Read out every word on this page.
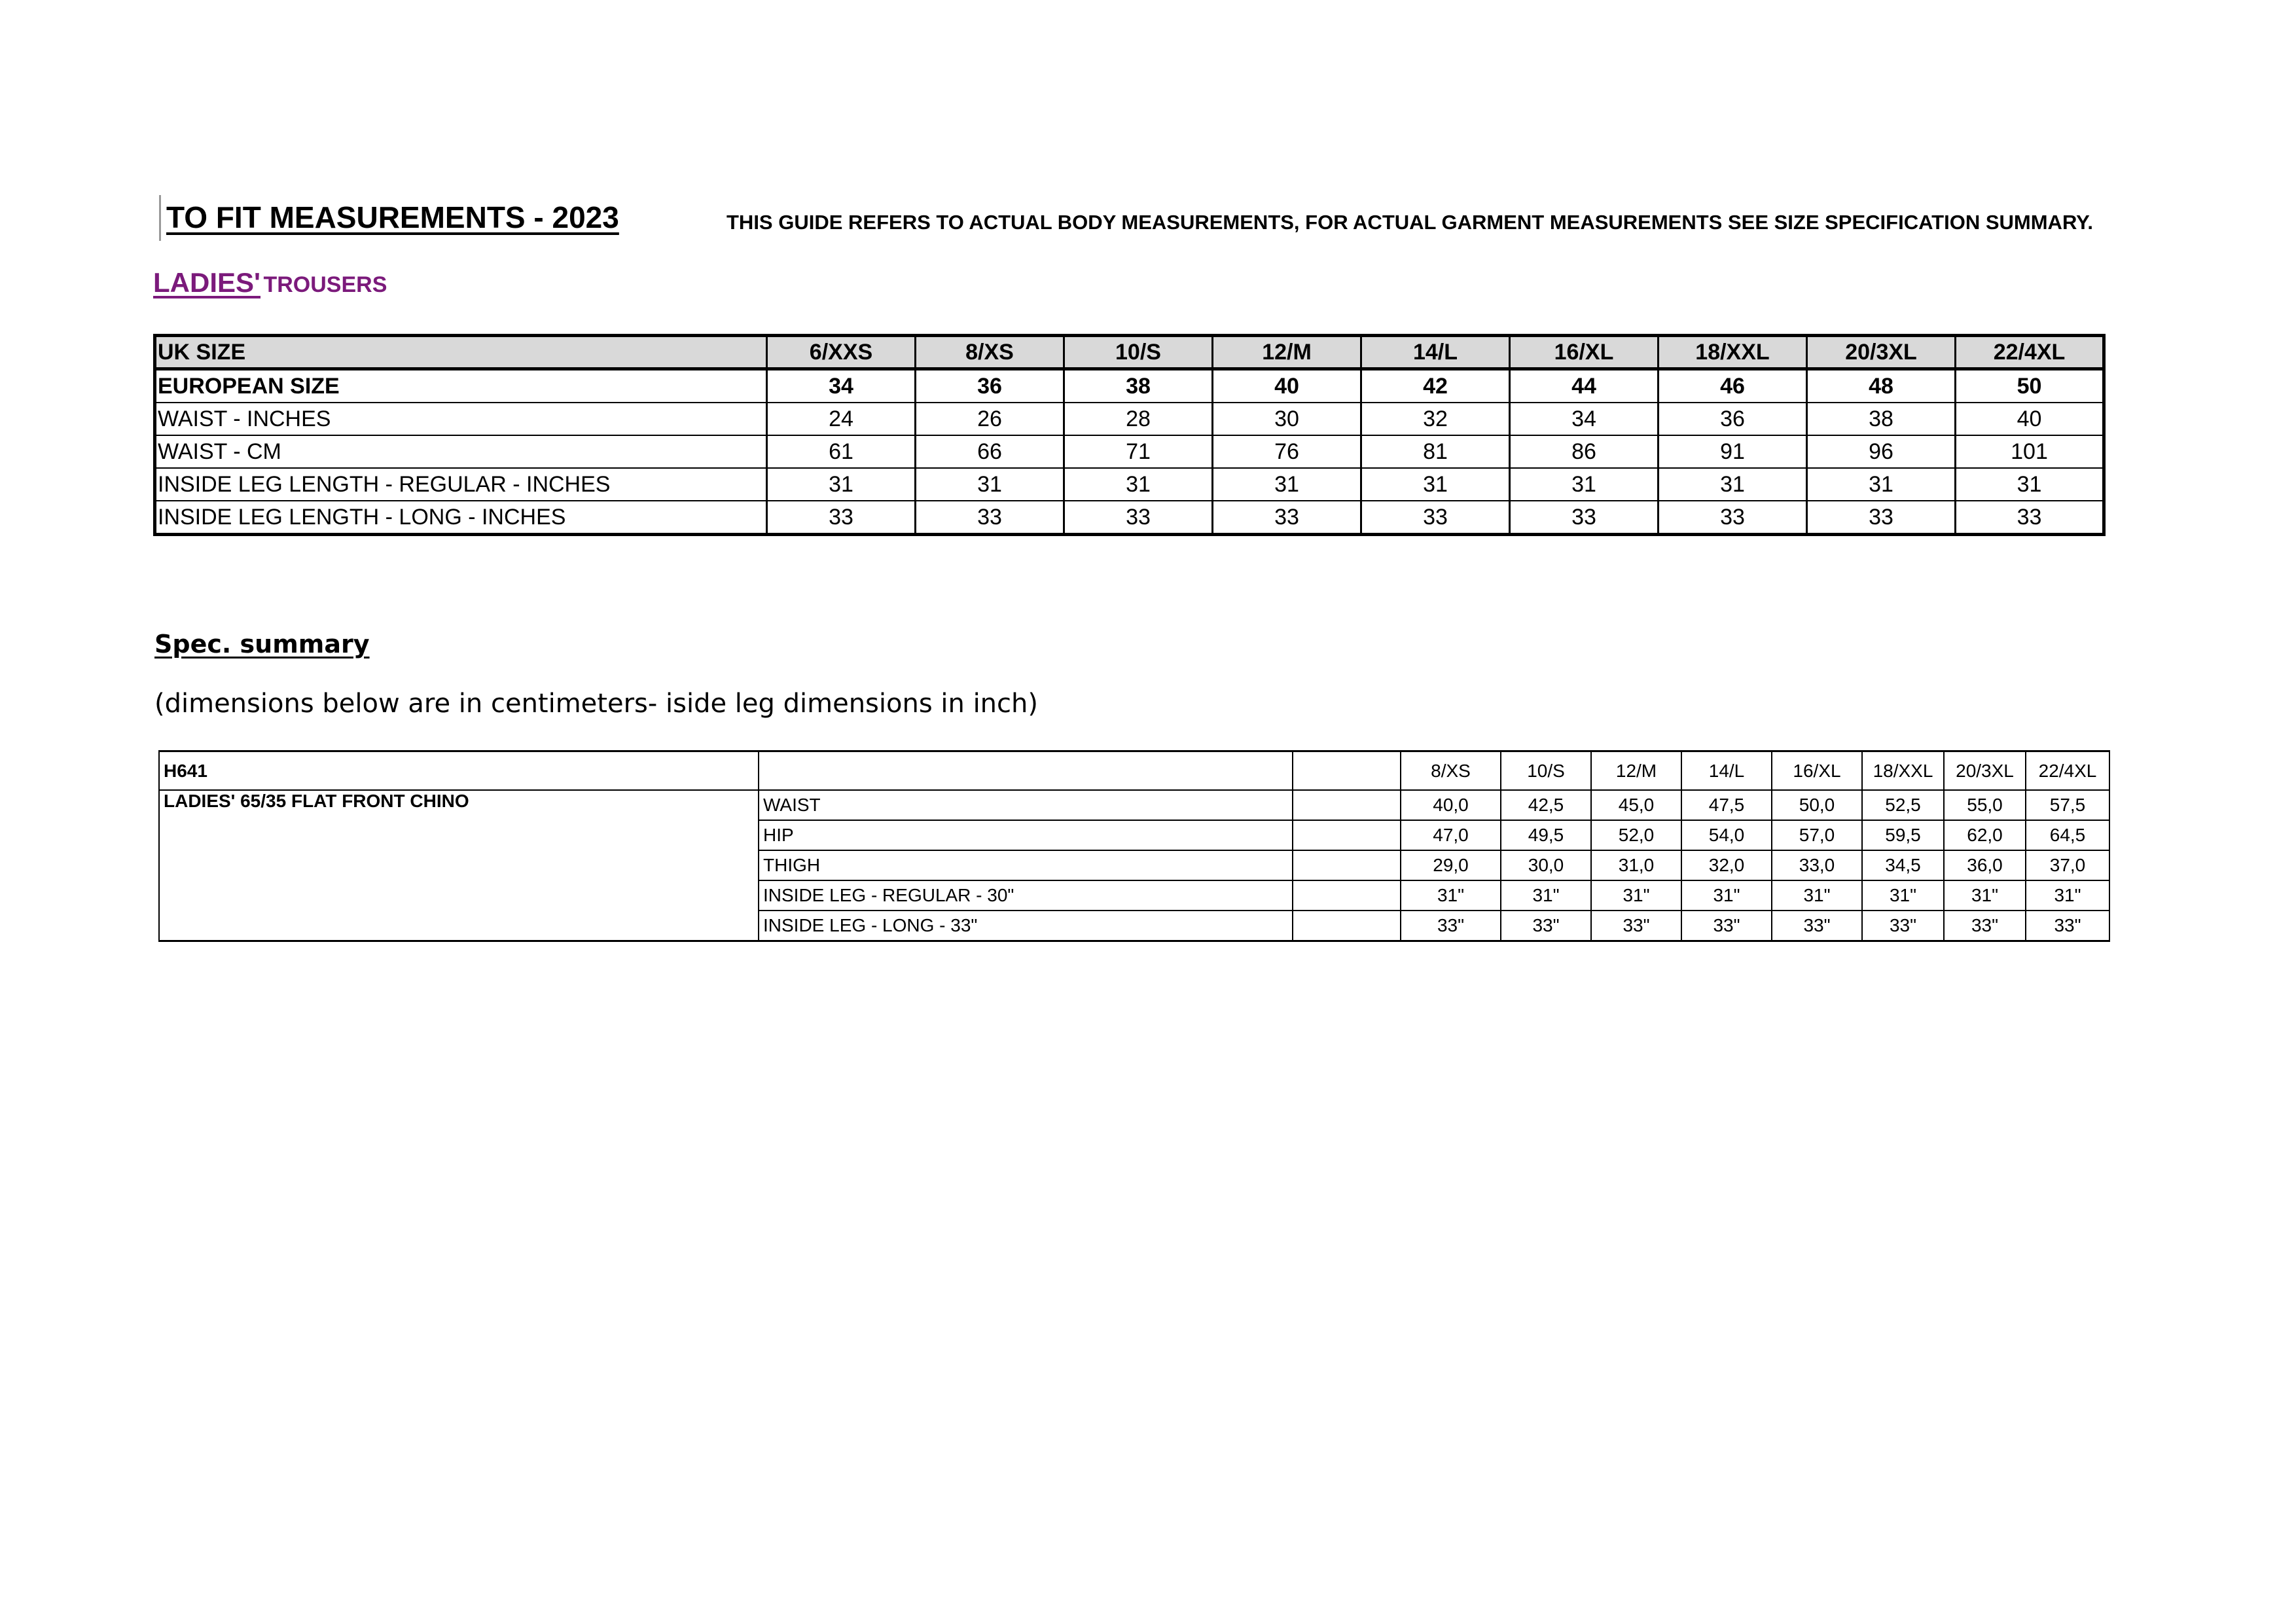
TO FIT MEASUREMENTS - 2023	THIS GUIDE REFERS TO ACTUAL BODY MEASUREMENTS, FOR ACTUAL GARMENT MEASUREMENTS SEE SIZE SPECIFICATION SUMMARY.
LADIES' TROUSERS
UK SIZE	6/XXS	8/XS	10/S	12/M	14/L	16/XL	18/XXL	20/3XL	22/4XL
EUROPEAN SIZE	34	36	38	40	42	44	46	48	50
WAIST - INCHES	24	26	28	30	32	34	36	38	40
WAIST - CM	61	66	71	76	81	86	91	96	101
INSIDE LEG LENGTH - REGULAR - INCHES	31	31	31	31	31	31	31	31	31
INSIDE LEG LENGTH - LONG - INCHES	33	33	33	33	33	33	33	33	33
Spec. summary
(dimensions below are in centimeters- iside leg dimensions in inch)
H641			8/XS	10/S	12/M	14/L	16/XL	18/XXL	20/3XL	22/4XL
LADIES' 65/35 FLAT FRONT CHINO	WAIST		40,0	42,5	45,0	47,5	50,0	52,5	55,0	57,5
	HIP		47,0	49,5	52,0	54,0	57,0	59,5	62,0	64,5
	THIGH		29,0	30,0	31,0	32,0	33,0	34,5	36,0	37,0
	INSIDE LEG - REGULAR - 30"		31"	31"	31"	31"	31"	31"	31"	31"
	INSIDE LEG - LONG - 33"		33"	33"	33"	33"	33"	33"	33"	33"
